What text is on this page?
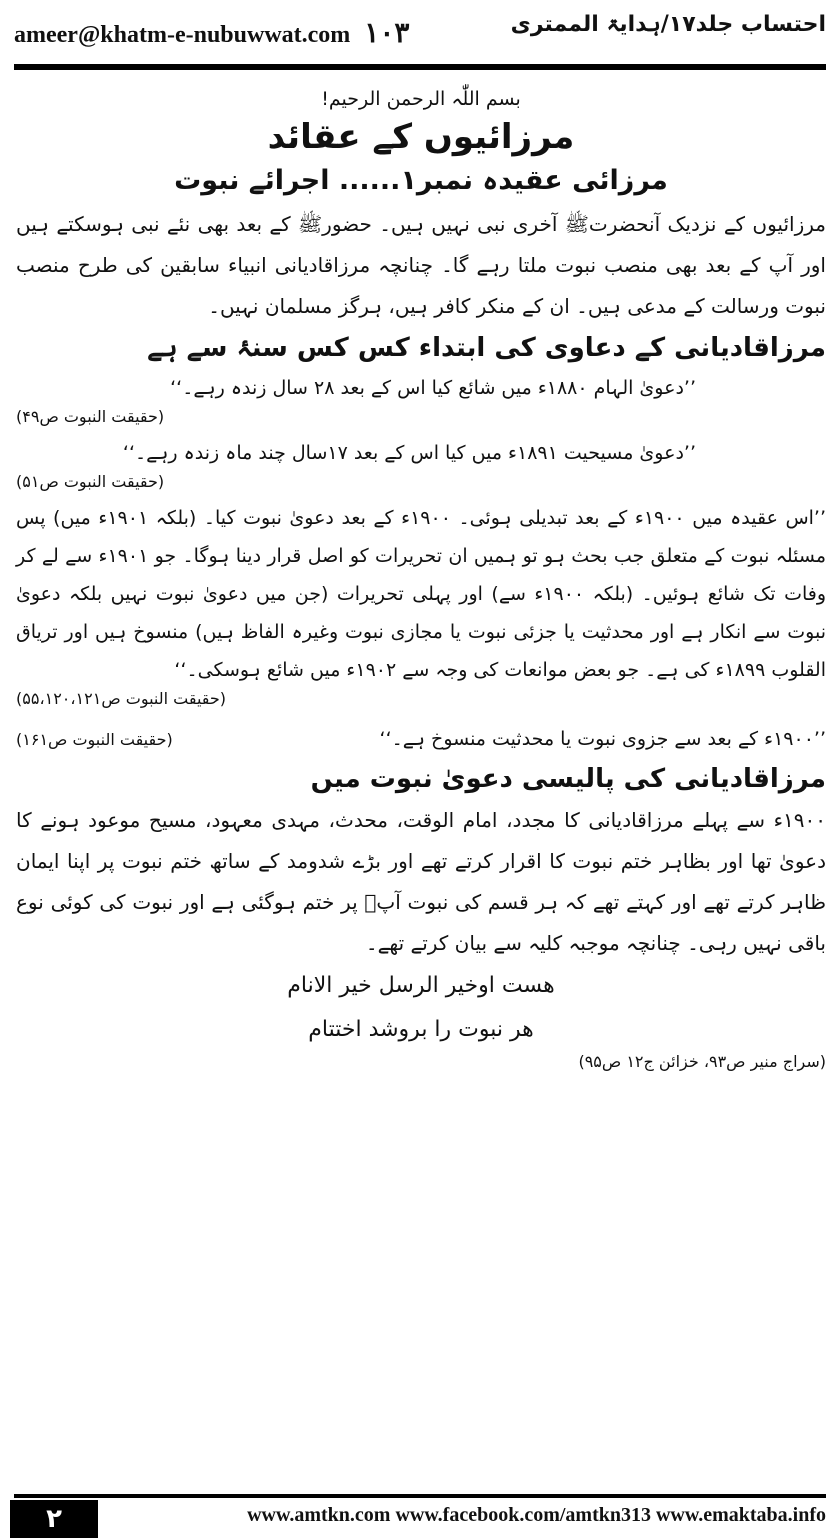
ameer@khatm-e-nubuwwat.com ۱۰۳	احتساب جلد۱۷/ہدایۃ الممتری
بسم اللّٰہ الرحمن الرحیم!
مرزائیوں کے عقائد
مرزائی عقیدہ نمبر۱...... اجرائے نبوت

مرزائیوں کے نزدیک آنحضرتﷺ آخری نبی نہیں ہیں۔ حضورﷺ کے بعد بھی نئے نبی ہوسکتے ہیں اور آپ کے بعد بھی منصب نبوت ملتا رہے گا۔ چنانچہ مرزاقادیانی انبیاء سابقین کی طرح منصب نبوت ورسالت کے مدعی ہیں۔ ان کے منکر کافر ہیں، ہرگز مسلمان نہیں۔

مرزاقادیانی کے دعاوی کی ابتداء کس کس سنۂ سے ہے

’’دعویٰ الہام ۱۸۸۰ء میں شائع کیا اس کے بعد ۲۸ سال زندہ رہے۔‘‘

(حقیقت النبوت ص۴۹)

’’دعویٰ مسیحیت ۱۸۹۱ء میں کیا اس کے بعد ۱۷سال چند ماہ زندہ رہے۔‘‘

(حقیقت النبوت ص۵۱)

’’اس عقیدہ میں ۱۹۰۰ء کے بعد تبدیلی ہوئی۔ ۱۹۰۰ء کے بعد دعویٰ نبوت کیا۔ (بلکہ ۱۹۰۱ء میں) پس مسئلہ نبوت کے متعلق جب بحث ہو تو ہمیں ان تحریرات کو اصل قرار دینا ہوگا۔ جو ۱۹۰۱ء سے لے کر وفات تک شائع ہوئیں۔ (بلکہ ۱۹۰۰ء سے) اور پہلی تحریرات (جن میں دعویٰ نبوت نہیں بلکہ دعویٰ نبوت سے انکار ہے اور محدثیت یا جزئی نبوت یا مجازی نبوت وغیرہ الفاظ ہیں) منسوخ ہیں اور تریاق القلوب ۱۸۹۹ء کی ہے۔ جو بعض موانعات کی وجہ سے ۱۹۰۲ء میں شائع ہوسکی۔‘‘

(حقیقت النبوت ص۵۵،۱۲۰،۱۲۱)

’’۱۹۰۰ء کے بعد سے جزوی نبوت یا محدثیت منسوخ ہے۔‘‘
(حقیقت النبوت ص۱۶۱)
مرزاقادیانی کی پالیسی دعویٰ نبوت میں

۱۹۰۰ء سے پہلے مرزاقادیانی کا مجدد، امام الوقت، محدث، مہدی معہود، مسیح موعود ہونے کا دعویٰ تھا اور بظاہر ختم نبوت کا اقرار کرتے تھے اور بڑے شدومد کے ساتھ ختم نبوت پر اپنا ایمان ظاہر کرتے تھے اور کہتے تھے کہ ہر قسم کی نبوت آپؐ پر ختم ہوگئی ہے اور نبوت کی کوئی نوع باقی نہیں رہی۔ چنانچہ موجبہ کلیہ سے بیان کرتے تھے۔

هست اوخیر الرسل خیر الانام
هر نبوت را بروشد اختتام

(سراج منیر ص۹۳، خزائن ج۱۲ ص۹۵)

۲	www.amtkn.com www.facebook.com/amtkn313 www.emaktaba.info
